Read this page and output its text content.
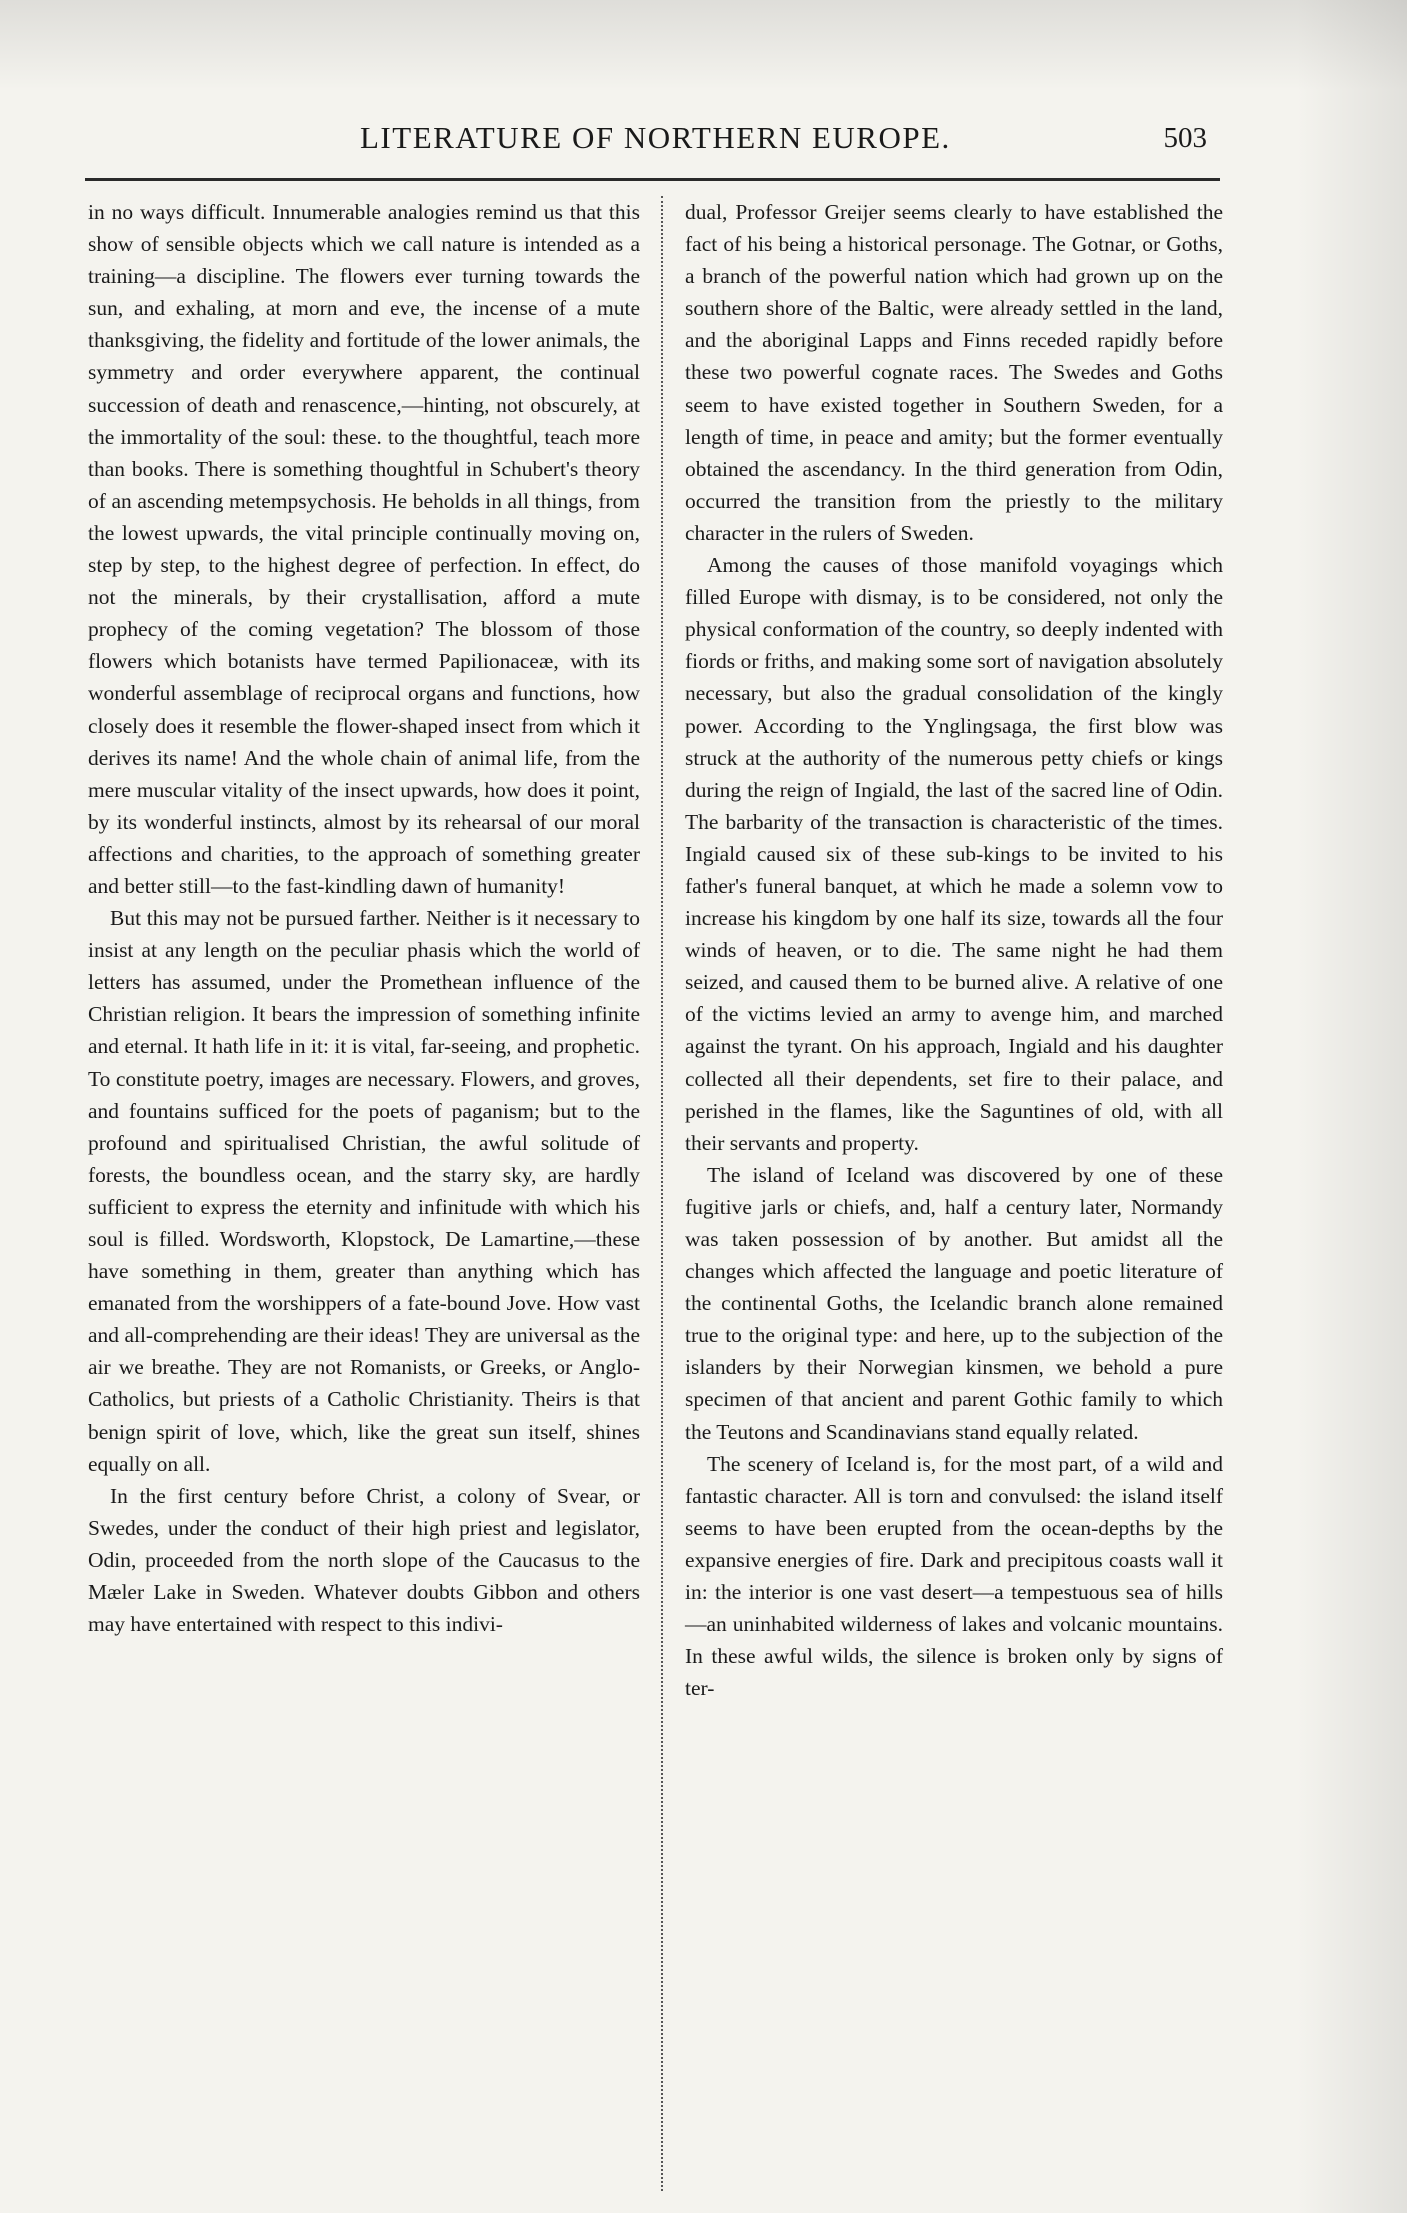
LITERATURE OF NORTHERN EUROPE.	503

in no ways difficult. Innumerable analogies remind us that this show of sensible objects which we call nature is intended as a training—a discipline. The flowers ever turning towards the sun, and exhaling, at morn and eve, the incense of a mute thanksgiving, the fidelity and fortitude of the lower animals, the symmetry and order everywhere apparent, the continual succession of death and renascence,—hinting, not obscurely, at the immortality of the soul: these. to the thoughtful, teach more than books. There is something thoughtful in Schubert's theory of an ascending metempsychosis. He beholds in all things, from the lowest upwards, the vital principle continually moving on, step by step, to the highest degree of perfection. In effect, do not the minerals, by their crystallisation, afford a mute prophecy of the coming vegetation? The blossom of those flowers which botanists have termed Papilionaceæ, with its wonderful assemblage of reciprocal organs and functions, how closely does it resemble the flower-shaped insect from which it derives its name! And the whole chain of animal life, from the mere muscular vitality of the insect upwards, how does it point, by its wonderful instincts, almost by its rehearsal of our moral affections and charities, to the approach of something greater and better still—to the fast-kindling dawn of humanity!

But this may not be pursued farther. Neither is it necessary to insist at any length on the peculiar phasis which the world of letters has assumed, under the Promethean influence of the Christian religion. It bears the impression of something infinite and eternal. It hath life in it: it is vital, far-seeing, and prophetic. To constitute poetry, images are necessary. Flowers, and groves, and fountains sufficed for the poets of paganism; but to the profound and spiritualised Christian, the awful solitude of forests, the boundless ocean, and the starry sky, are hardly sufficient to express the eternity and infinitude with which his soul is filled. Wordsworth, Klopstock, De Lamartine,—these have something in them, greater than anything which has emanated from the worshippers of a fate-bound Jove. How vast and all-comprehending are their ideas! They are universal as the air we breathe. They are not Romanists, or Greeks, or Anglo-Catholics, but priests of a Catholic Christianity. Theirs is that benign spirit of love, which, like the great sun itself, shines equally on all.

In the first century before Christ, a colony of Svear, or Swedes, under the conduct of their high priest and legislator, Odin, proceeded from the north slope of the Caucasus to the Mæler Lake in Sweden. Whatever doubts Gibbon and others may have entertained with respect to this indivi-

dual, Professor Greijer seems clearly to have established the fact of his being a historical personage. The Gotnar, or Goths, a branch of the powerful nation which had grown up on the southern shore of the Baltic, were already settled in the land, and the aboriginal Lapps and Finns receded rapidly before these two powerful cognate races. The Swedes and Goths seem to have existed together in Southern Sweden, for a length of time, in peace and amity; but the former eventually obtained the ascendancy. In the third generation from Odin, occurred the transition from the priestly to the military character in the rulers of Sweden.

Among the causes of those manifold voyagings which filled Europe with dismay, is to be considered, not only the physical conformation of the country, so deeply indented with fiords or friths, and making some sort of navigation absolutely necessary, but also the gradual consolidation of the kingly power. According to the Ynglingsaga, the first blow was struck at the authority of the numerous petty chiefs or kings during the reign of Ingiald, the last of the sacred line of Odin. The barbarity of the transaction is characteristic of the times. Ingiald caused six of these sub-kings to be invited to his father's funeral banquet, at which he made a solemn vow to increase his kingdom by one half its size, towards all the four winds of heaven, or to die. The same night he had them seized, and caused them to be burned alive. A relative of one of the victims levied an army to avenge him, and marched against the tyrant. On his approach, Ingiald and his daughter collected all their dependents, set fire to their palace, and perished in the flames, like the Saguntines of old, with all their servants and property.

The island of Iceland was discovered by one of these fugitive jarls or chiefs, and, half a century later, Normandy was taken possession of by another. But amidst all the changes which affected the language and poetic literature of the continental Goths, the Icelandic branch alone remained true to the original type: and here, up to the subjection of the islanders by their Norwegian kinsmen, we behold a pure specimen of that ancient and parent Gothic family to which the Teutons and Scandinavians stand equally related.

The scenery of Iceland is, for the most part, of a wild and fantastic character. All is torn and convulsed: the island itself seems to have been erupted from the ocean-depths by the expansive energies of fire. Dark and precipitous coasts wall it in: the interior is one vast desert—a tempestuous sea of hills—an uninhabited wilderness of lakes and volcanic mountains. In these awful wilds, the silence is broken only by signs of ter-
